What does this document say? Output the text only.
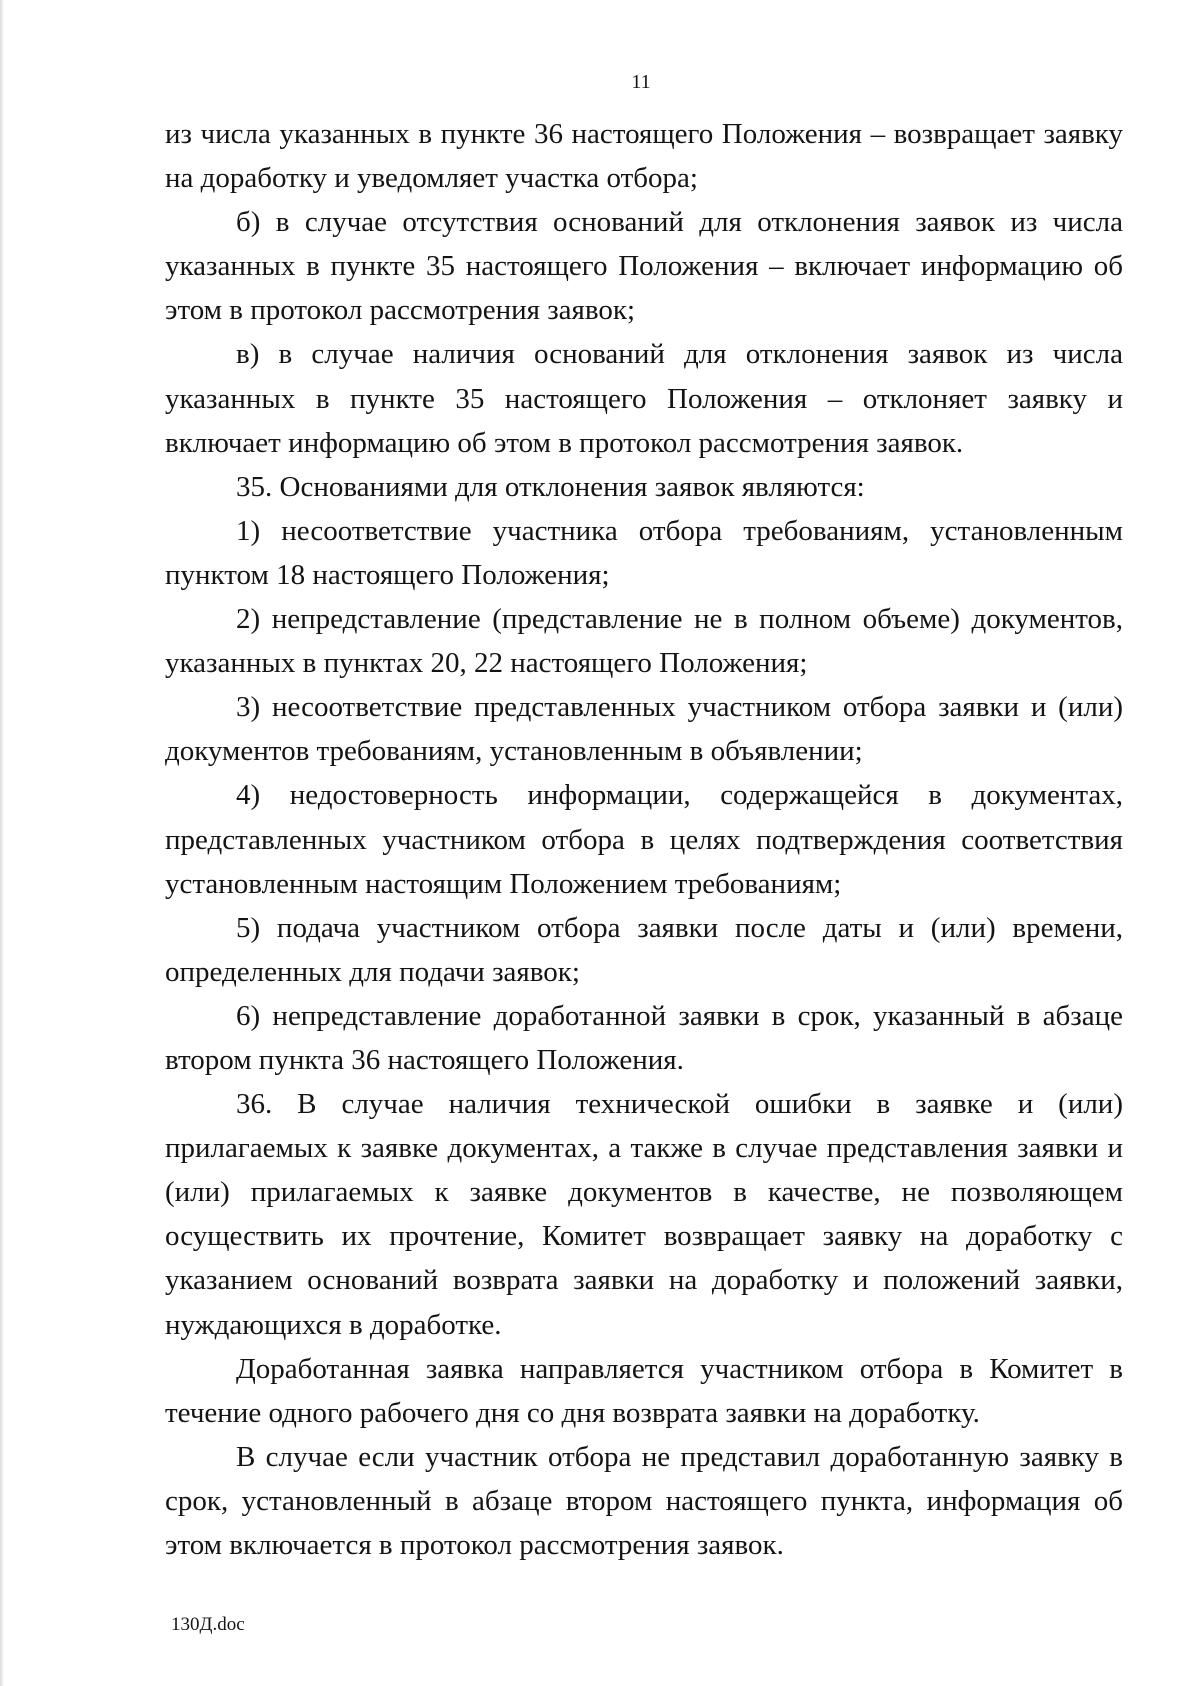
11

из числа указанных в пункте 36 настоящего Положения – возвращает заявку на доработку и уведомляет участка отбора;

б) в случае отсутствия оснований для отклонения заявок из числа указанных в пункте 35 настоящего Положения – включает информацию об этом в протокол рассмотрения заявок;

в) в случае наличия оснований для отклонения заявок из числа указанных в пункте 35 настоящего Положения – отклоняет заявку и включает информацию об этом в протокол рассмотрения заявок.

35. Основаниями для отклонения заявок являются:

1) несоответствие участника отбора требованиям, установленным пунктом 18 настоящего Положения;

2) непредставление (представление не в полном объеме) документов, указанных в пунктах 20, 22 настоящего Положения;

3) несоответствие представленных участником отбора заявки и (или) документов требованиям, установленным в объявлении;

4) недостоверность информации, содержащейся в документах, представленных участником отбора в целях подтверждения соответствия установленным настоящим Положением требованиям;

5) подача участником отбора заявки после даты и (или) времени, определенных для подачи заявок;

6) непредставление доработанной заявки в срок, указанный в абзаце втором пункта 36 настоящего Положения.

36. В случае наличия технической ошибки в заявке и (или) прилагаемых к заявке документах, а также в случае представления заявки и (или) прилагаемых к заявке документов в качестве, не позволяющем осуществить их прочтение, Комитет возвращает заявку на доработку с указанием оснований возврата заявки на доработку и положений заявки, нуждающихся в доработке.

Доработанная заявка направляется участником отбора в Комитет в течение одного рабочего дня со дня возврата заявки на доработку.

В случае если участник отбора не представил доработанную заявку в срок, установленный в абзаце втором настоящего пункта, информация об этом включается в протокол рассмотрения заявок.

130Д.doc
